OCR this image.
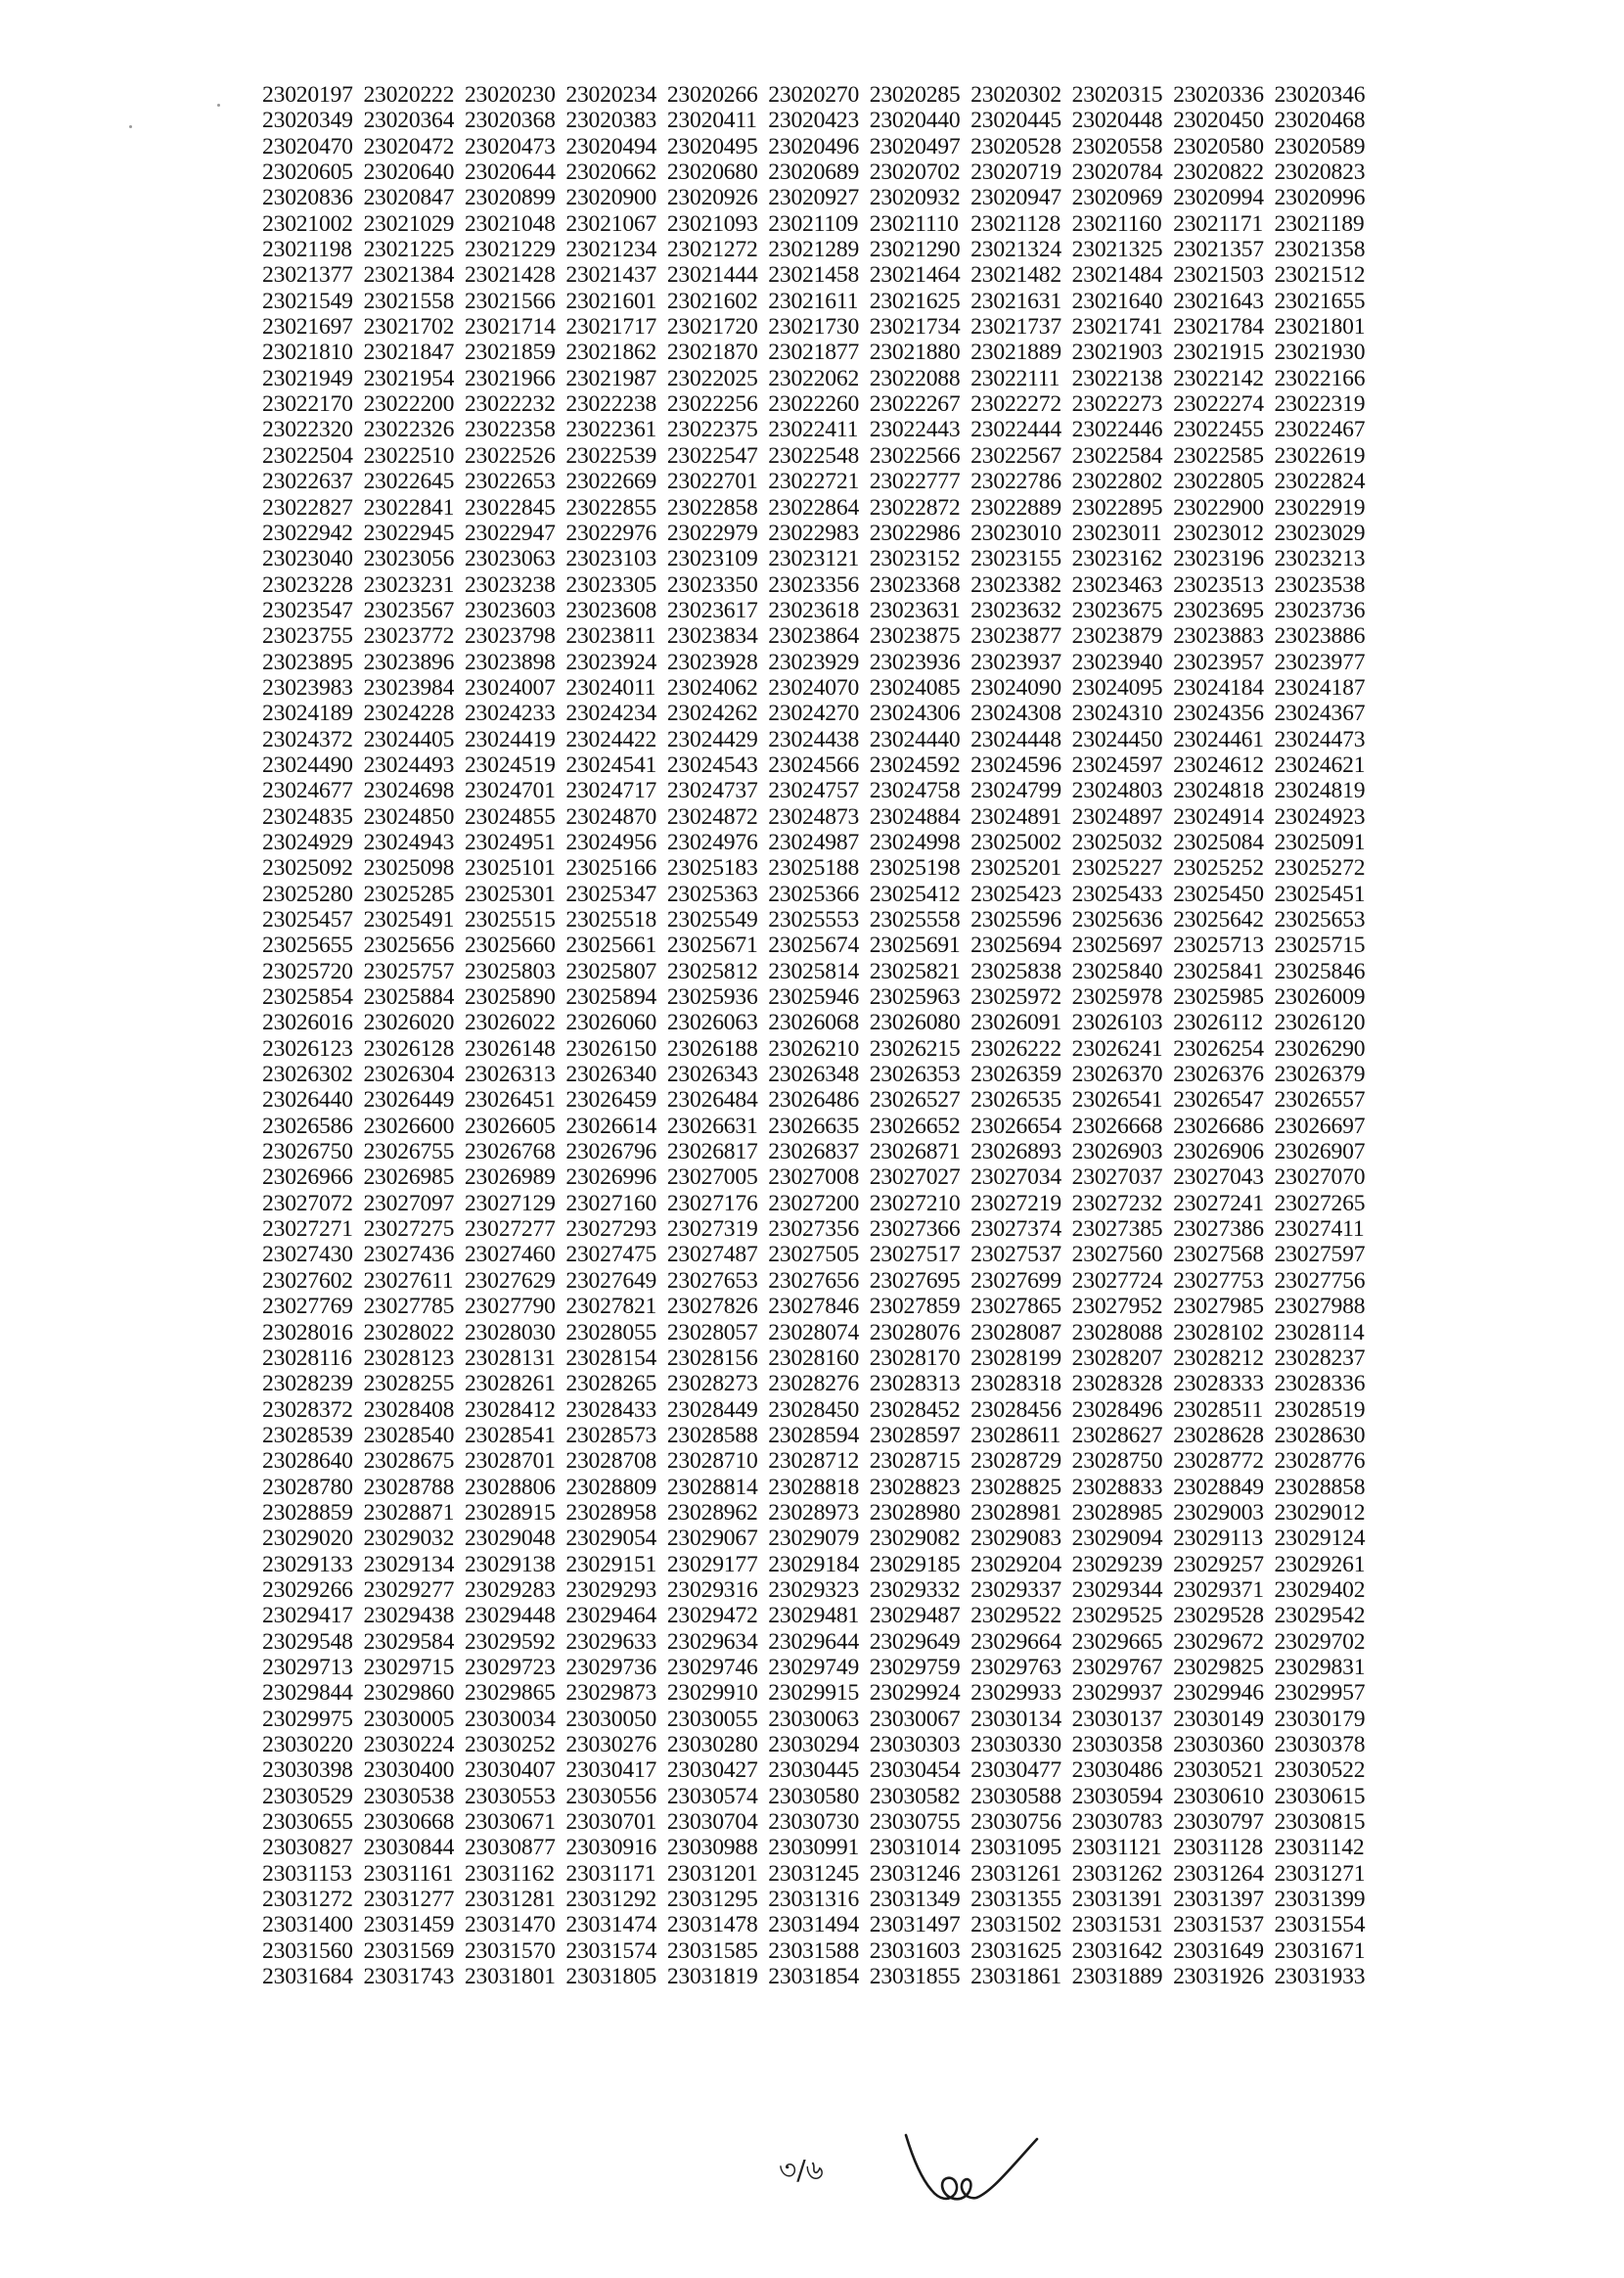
23020197 23020222 23020230 23020234 23020266 23020270 23020285 23020302 23020315 23020336 23020346
23020349 23020364 23020368 23020383 23020411 23020423 23020440 23020445 23020448 23020450 23020468
23020470 23020472 23020473 23020494 23020495 23020496 23020497 23020528 23020558 23020580 23020589
23020605 23020640 23020644 23020662 23020680 23020689 23020702 23020719 23020784 23020822 23020823
23020836 23020847 23020899 23020900 23020926 23020927 23020932 23020947 23020969 23020994 23020996
23021002 23021029 23021048 23021067 23021093 23021109 23021110 23021128 23021160 23021171 23021189
23021198 23021225 23021229 23021234 23021272 23021289 23021290 23021324 23021325 23021357 23021358
23021377 23021384 23021428 23021437 23021444 23021458 23021464 23021482 23021484 23021503 23021512
23021549 23021558 23021566 23021601 23021602 23021611 23021625 23021631 23021640 23021643 23021655
23021697 23021702 23021714 23021717 23021720 23021730 23021734 23021737 23021741 23021784 23021801
23021810 23021847 23021859 23021862 23021870 23021877 23021880 23021889 23021903 23021915 23021930
23021949 23021954 23021966 23021987 23022025 23022062 23022088 23022111 23022138 23022142 23022166
23022170 23022200 23022232 23022238 23022256 23022260 23022267 23022272 23022273 23022274 23022319
23022320 23022326 23022358 23022361 23022375 23022411 23022443 23022444 23022446 23022455 23022467
23022504 23022510 23022526 23022539 23022547 23022548 23022566 23022567 23022584 23022585 23022619
23022637 23022645 23022653 23022669 23022701 23022721 23022777 23022786 23022802 23022805 23022824
23022827 23022841 23022845 23022855 23022858 23022864 23022872 23022889 23022895 23022900 23022919
23022942 23022945 23022947 23022976 23022979 23022983 23022986 23023010 23023011 23023012 23023029
23023040 23023056 23023063 23023103 23023109 23023121 23023152 23023155 23023162 23023196 23023213
23023228 23023231 23023238 23023305 23023350 23023356 23023368 23023382 23023463 23023513 23023538
23023547 23023567 23023603 23023608 23023617 23023618 23023631 23023632 23023675 23023695 23023736
23023755 23023772 23023798 23023811 23023834 23023864 23023875 23023877 23023879 23023883 23023886
23023895 23023896 23023898 23023924 23023928 23023929 23023936 23023937 23023940 23023957 23023977
23023983 23023984 23024007 23024011 23024062 23024070 23024085 23024090 23024095 23024184 23024187
23024189 23024228 23024233 23024234 23024262 23024270 23024306 23024308 23024310 23024356 23024367
23024372 23024405 23024419 23024422 23024429 23024438 23024440 23024448 23024450 23024461 23024473
23024490 23024493 23024519 23024541 23024543 23024566 23024592 23024596 23024597 23024612 23024621
23024677 23024698 23024701 23024717 23024737 23024757 23024758 23024799 23024803 23024818 23024819
23024835 23024850 23024855 23024870 23024872 23024873 23024884 23024891 23024897 23024914 23024923
23024929 23024943 23024951 23024956 23024976 23024987 23024998 23025002 23025032 23025084 23025091
23025092 23025098 23025101 23025166 23025183 23025188 23025198 23025201 23025227 23025252 23025272
23025280 23025285 23025301 23025347 23025363 23025366 23025412 23025423 23025433 23025450 23025451
23025457 23025491 23025515 23025518 23025549 23025553 23025558 23025596 23025636 23025642 23025653
23025655 23025656 23025660 23025661 23025671 23025674 23025691 23025694 23025697 23025713 23025715
23025720 23025757 23025803 23025807 23025812 23025814 23025821 23025838 23025840 23025841 23025846
23025854 23025884 23025890 23025894 23025936 23025946 23025963 23025972 23025978 23025985 23026009
23026016 23026020 23026022 23026060 23026063 23026068 23026080 23026091 23026103 23026112 23026120
23026123 23026128 23026148 23026150 23026188 23026210 23026215 23026222 23026241 23026254 23026290
23026302 23026304 23026313 23026340 23026343 23026348 23026353 23026359 23026370 23026376 23026379
23026440 23026449 23026451 23026459 23026484 23026486 23026527 23026535 23026541 23026547 23026557
23026586 23026600 23026605 23026614 23026631 23026635 23026652 23026654 23026668 23026686 23026697
23026750 23026755 23026768 23026796 23026817 23026837 23026871 23026893 23026903 23026906 23026907
23026966 23026985 23026989 23026996 23027005 23027008 23027027 23027034 23027037 23027043 23027070
23027072 23027097 23027129 23027160 23027176 23027200 23027210 23027219 23027232 23027241 23027265
23027271 23027275 23027277 23027293 23027319 23027356 23027366 23027374 23027385 23027386 23027411
23027430 23027436 23027460 23027475 23027487 23027505 23027517 23027537 23027560 23027568 23027597
23027602 23027611 23027629 23027649 23027653 23027656 23027695 23027699 23027724 23027753 23027756
23027769 23027785 23027790 23027821 23027826 23027846 23027859 23027865 23027952 23027985 23027988
23028016 23028022 23028030 23028055 23028057 23028074 23028076 23028087 23028088 23028102 23028114
23028116 23028123 23028131 23028154 23028156 23028160 23028170 23028199 23028207 23028212 23028237
23028239 23028255 23028261 23028265 23028273 23028276 23028313 23028318 23028328 23028333 23028336
23028372 23028408 23028412 23028433 23028449 23028450 23028452 23028456 23028496 23028511 23028519
23028539 23028540 23028541 23028573 23028588 23028594 23028597 23028611 23028627 23028628 23028630
23028640 23028675 23028701 23028708 23028710 23028712 23028715 23028729 23028750 23028772 23028776
23028780 23028788 23028806 23028809 23028814 23028818 23028823 23028825 23028833 23028849 23028858
23028859 23028871 23028915 23028958 23028962 23028973 23028980 23028981 23028985 23029003 23029012
23029020 23029032 23029048 23029054 23029067 23029079 23029082 23029083 23029094 23029113 23029124
23029133 23029134 23029138 23029151 23029177 23029184 23029185 23029204 23029239 23029257 23029261
23029266 23029277 23029283 23029293 23029316 23029323 23029332 23029337 23029344 23029371 23029402
23029417 23029438 23029448 23029464 23029472 23029481 23029487 23029522 23029525 23029528 23029542
23029548 23029584 23029592 23029633 23029634 23029644 23029649 23029664 23029665 23029672 23029702
23029713 23029715 23029723 23029736 23029746 23029749 23029759 23029763 23029767 23029825 23029831
23029844 23029860 23029865 23029873 23029910 23029915 23029924 23029933 23029937 23029946 23029957
23029975 23030005 23030034 23030050 23030055 23030063 23030067 23030134 23030137 23030149 23030179
23030220 23030224 23030252 23030276 23030280 23030294 23030303 23030330 23030358 23030360 23030378
23030398 23030400 23030407 23030417 23030427 23030445 23030454 23030477 23030486 23030521 23030522
23030529 23030538 23030553 23030556 23030574 23030580 23030582 23030588 23030594 23030610 23030615
23030655 23030668 23030671 23030701 23030704 23030730 23030755 23030756 23030783 23030797 23030815
23030827 23030844 23030877 23030916 23030988 23030991 23031014 23031095 23031121 23031128 23031142
23031153 23031161 23031162 23031171 23031201 23031245 23031246 23031261 23031262 23031264 23031271
23031272 23031277 23031281 23031292 23031295 23031316 23031349 23031355 23031391 23031397 23031399
23031400 23031459 23031470 23031474 23031478 23031494 23031497 23031502 23031531 23031537 23031554
23031560 23031569 23031570 23031574 23031585 23031588 23031603 23031625 23031642 23031649 23031671
23031684 23031743 23031801 23031805 23031819 23031854 23031855 23031861 23031889 23031926 23031933
৩/৬
